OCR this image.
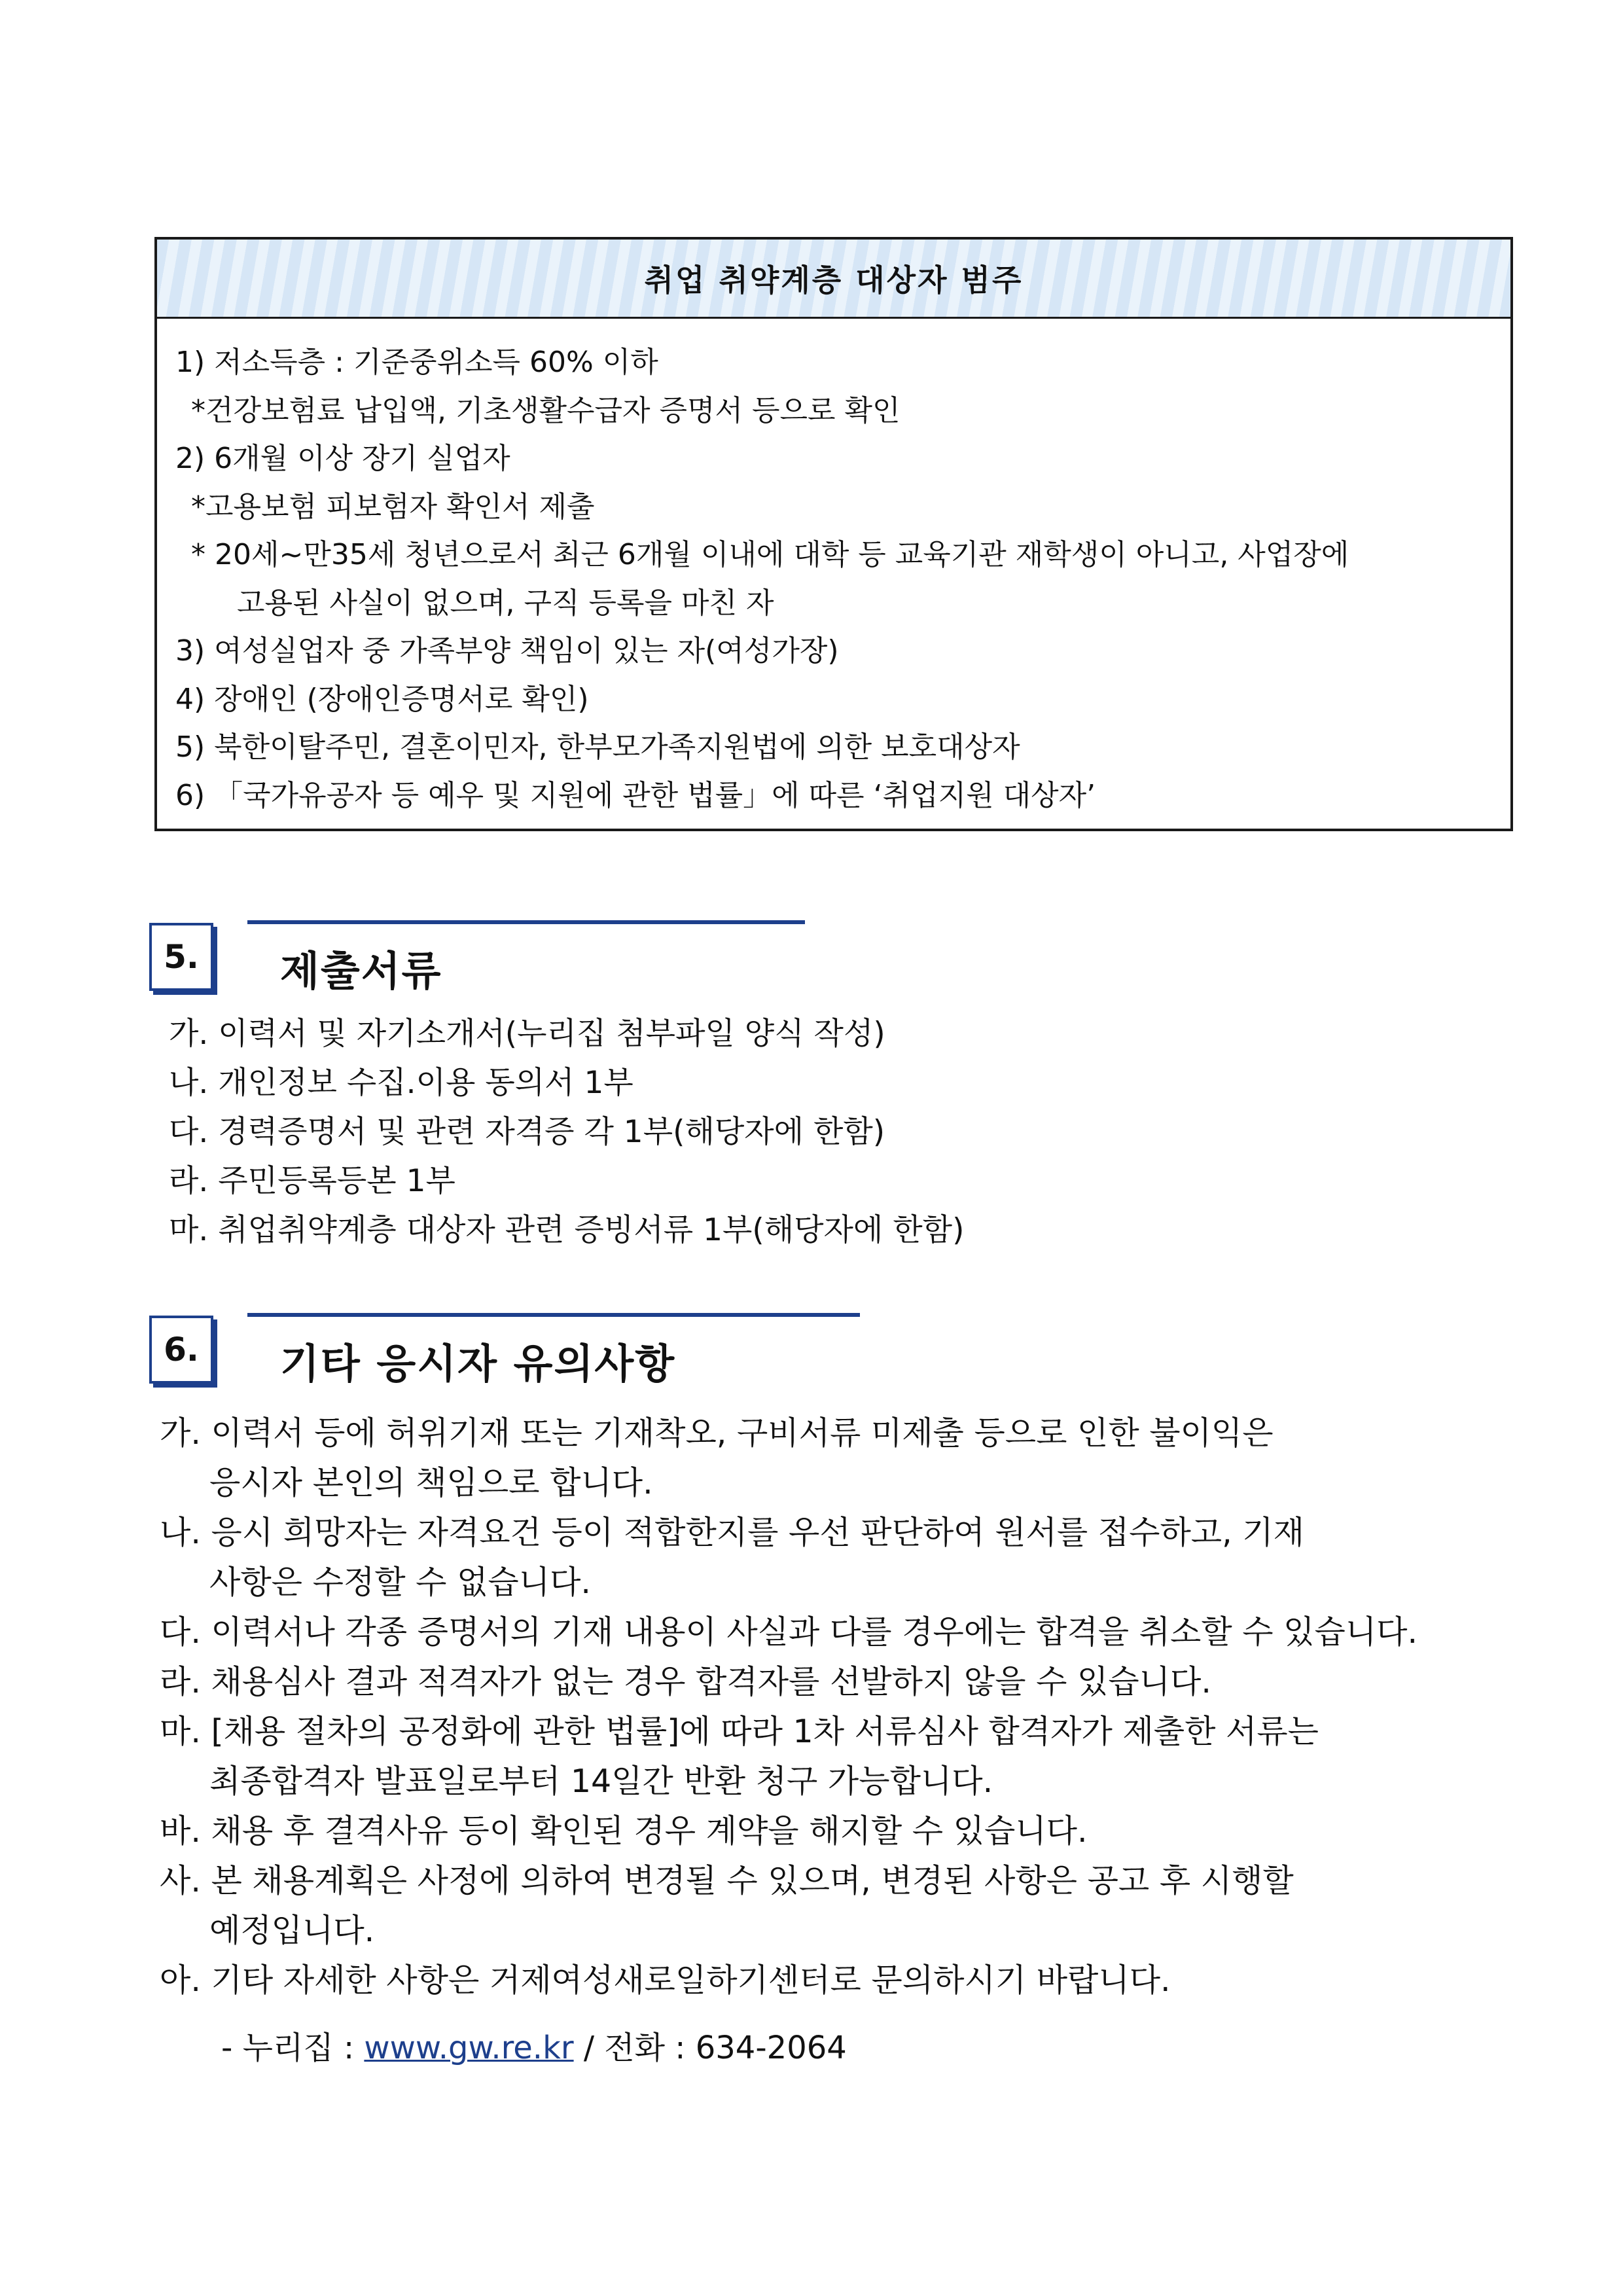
취업 취약계층 대상자 범주
1) 저소득층 : 기준중위소득 60% 이하
*건강보험료 납입액, 기초생활수급자 증명서 등으로 확인
2) 6개월 이상 장기 실업자
*고용보험 피보험자 확인서 제출
* 20세~만35세 청년으로서 최근 6개월 이내에 대학 등 교육기관 재학생이 아니고, 사업장에
고용된 사실이 없으며, 구직 등록을 마친 자
3) 여성실업자 중 가족부양 책임이 있는 자(여성가장)
4) 장애인 (장애인증명서로 확인)
5) 북한이탈주민, 결혼이민자, 한부모가족지원법에 의한 보호대상자
6) 「국가유공자 등 예우 및 지원에 관한 법률」에 따른 ‘취업지원 대상자’
5.	제출서류
가. 이력서 및 자기소개서(누리집 첨부파일 양식 작성)
나. 개인정보 수집.이용 동의서 1부
다. 경력증명서 및 관련 자격증 각 1부(해당자에 한함)
라. 주민등록등본 1부
마. 취업취약계층 대상자 관련 증빙서류 1부(해당자에 한함)
6.	기타 응시자 유의사항
가. 이력서 등에 허위기재 또는 기재착오, 구비서류 미제출 등으로 인한 불이익은
응시자 본인의 책임으로 합니다.
나. 응시 희망자는 자격요건 등이 적합한지를 우선 판단하여 원서를 접수하고, 기재
사항은 수정할 수 없습니다.
다. 이력서나 각종 증명서의 기재 내용이 사실과 다를 경우에는 합격을 취소할 수 있습니다.
라. 채용심사 결과 적격자가 없는 경우 합격자를 선발하지 않을 수 있습니다.
마. [채용 절차의 공정화에 관한 법률]에 따라 1차 서류심사 합격자가 제출한 서류는
최종합격자 발표일로부터 14일간 반환 청구 가능합니다.
바. 채용 후 결격사유 등이 확인된 경우 계약을 해지할 수 있습니다.
사. 본 채용계획은 사정에 의하여 변경될 수 있으며, 변경된 사항은 공고 후 시행할
예정입니다.
아. 기타 자세한 사항은 거제여성새로일하기센터로 문의하시기 바랍니다.
- 누리집 : www.gw.re.kr / 전화 : 634-2064
